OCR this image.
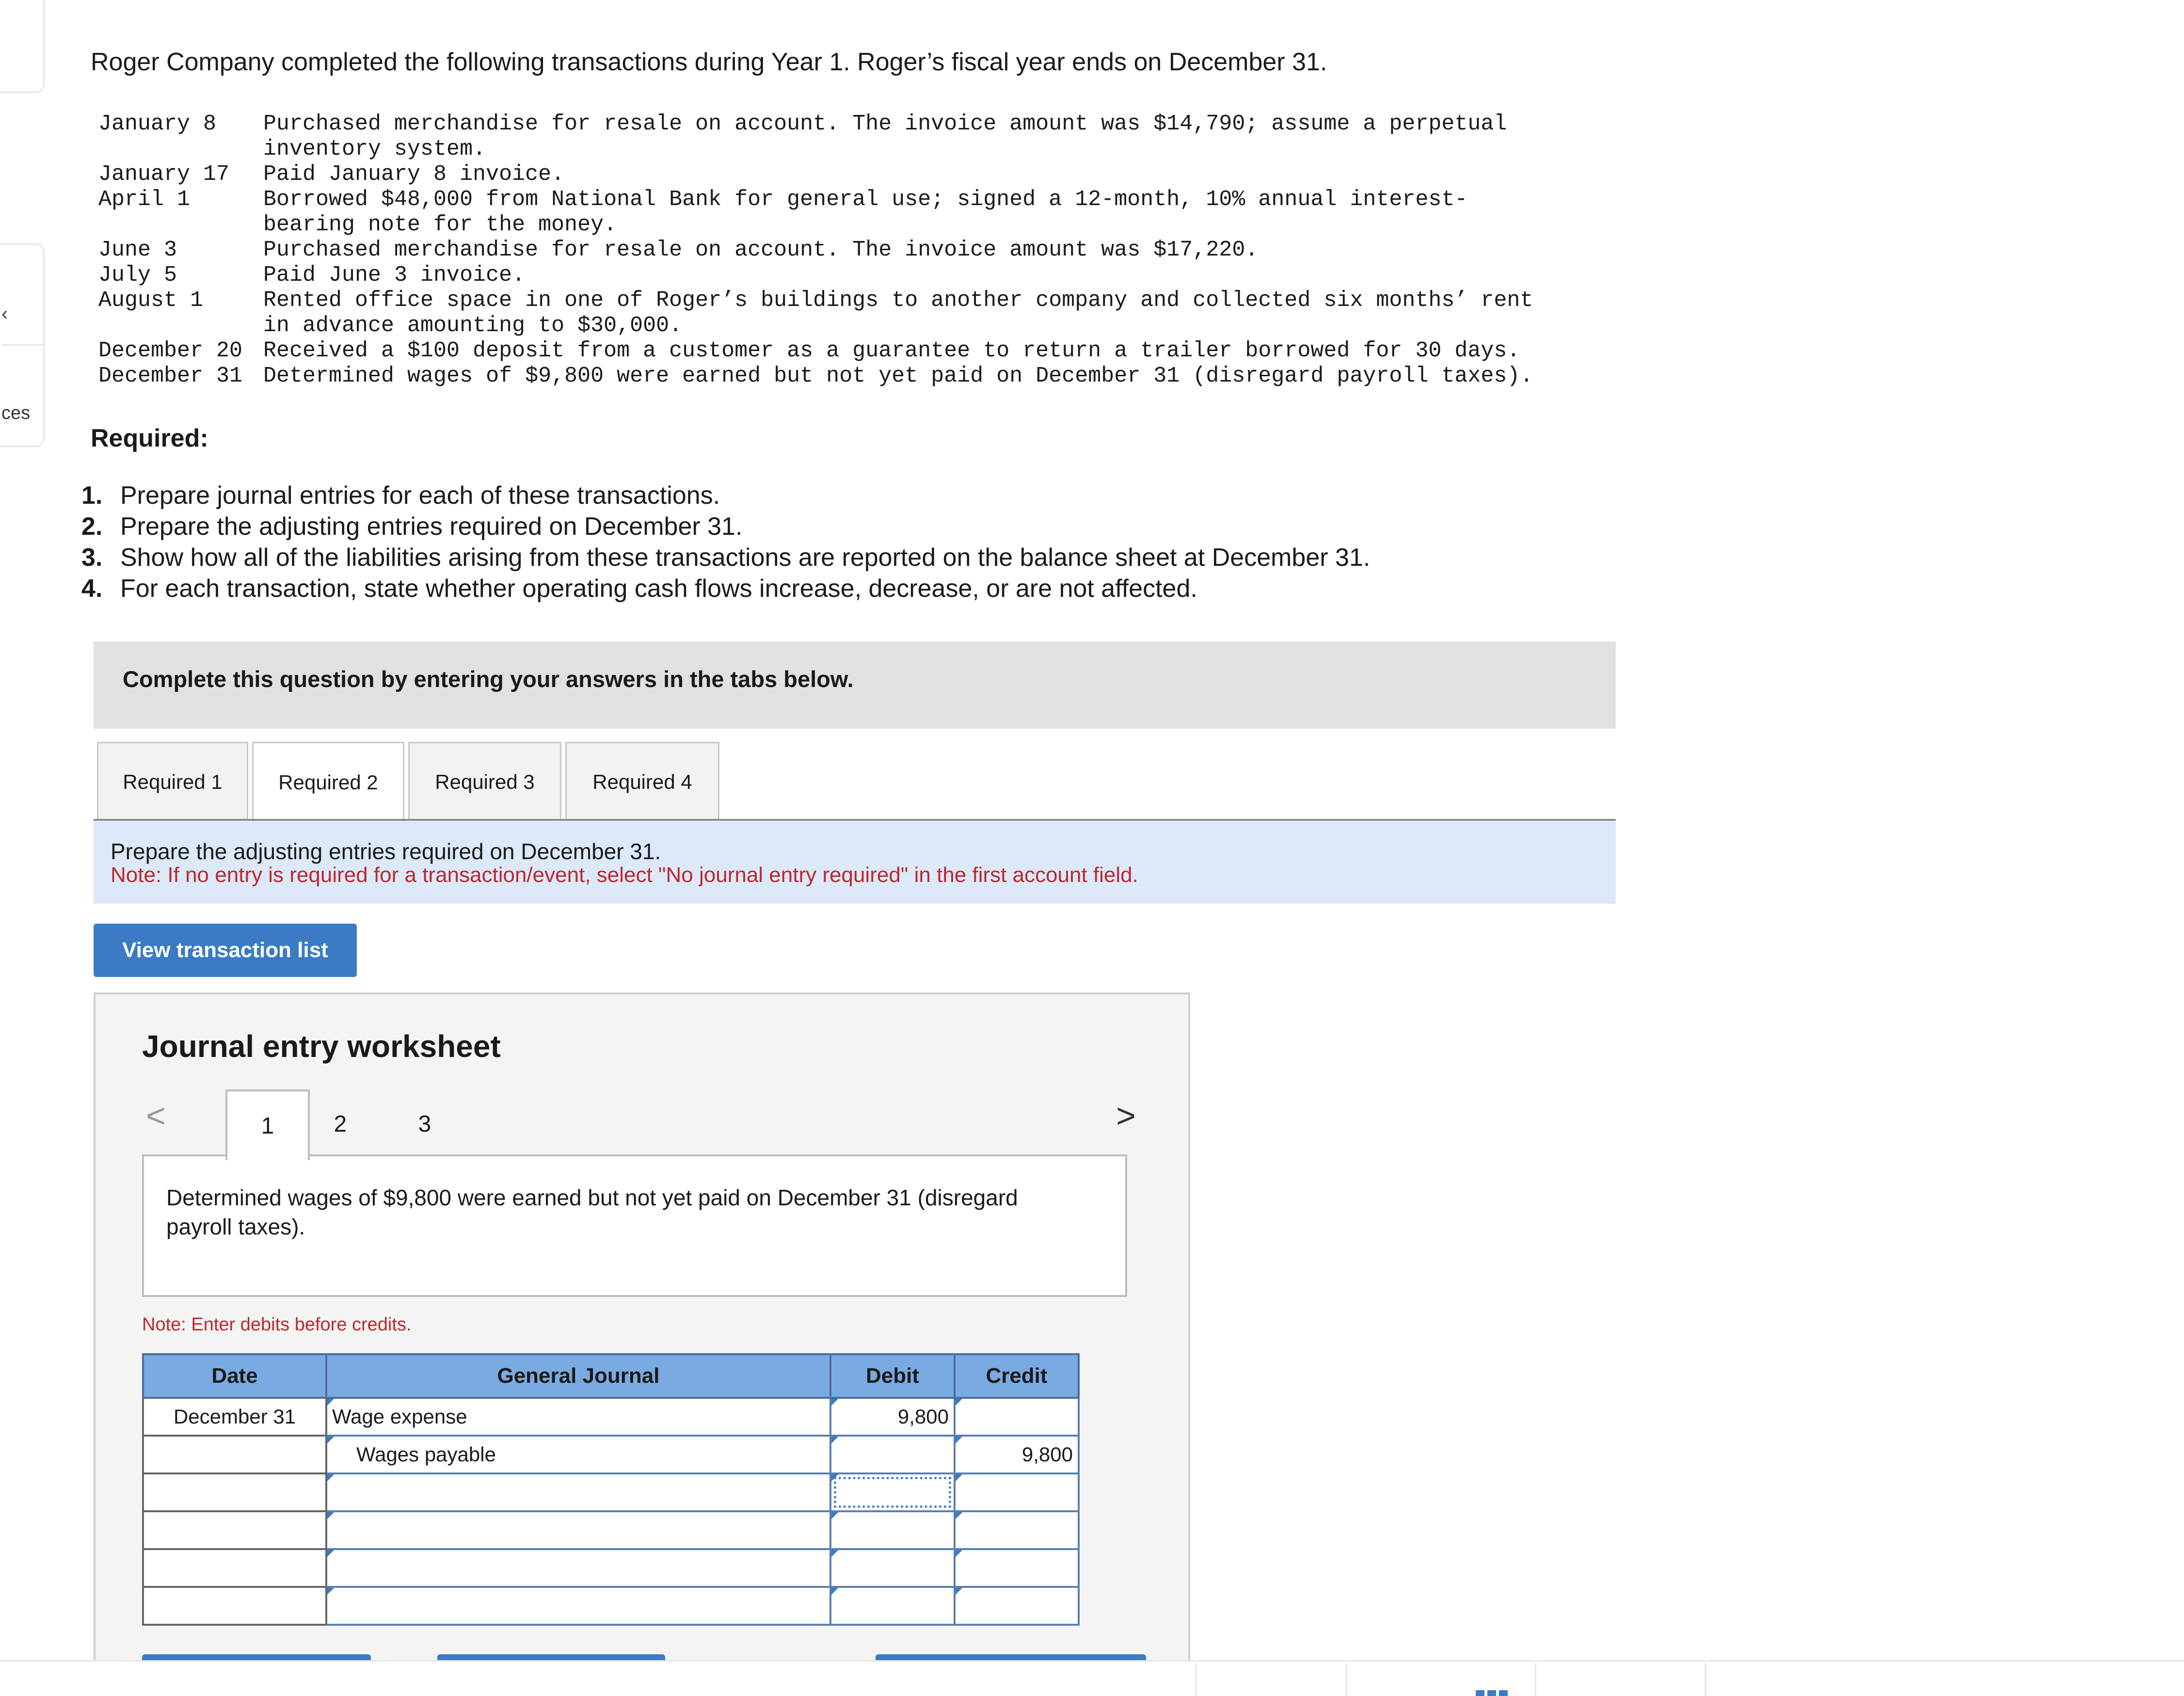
‹
ces
Roger Company completed the following transactions during Year 1. Roger’s fiscal year ends on December 31.
January 8	Purchased merchandise for resale on account. The invoice amount was $14,790; assume a perpetual inventory system.
January 17	Paid January 8 invoice.
April 1	Borrowed $48,000 from National Bank for general use; signed a 12-month, 10% annual interest-bearing note for the money.
June 3	Purchased merchandise for resale on account. The invoice amount was $17,220.
July 5	Paid June 3 invoice.
August 1	Rented office space in one of Roger’s buildings to another company and collected six months’ rent in advance amounting to $30,000.
December 20 Received a $100 deposit from a customer as a guarantee to return a trailer borrowed for 30 days.
December 31 Determined wages of $9,800 were earned but not yet paid on December 31 (disregard payroll taxes).
Required:
1. Prepare journal entries for each of these transactions.
2. Prepare the adjusting entries required on December 31.
3. Show how all of the liabilities arising from these transactions are reported on the balance sheet at December 31.
4. For each transaction, state whether operating cash flows increase, decrease, or are not affected.
Complete this question by entering your answers in the tabs below.
Required 1	Required 2	Required 3	Required 4
Prepare the adjusting entries required on December 31.
Note: If no entry is required for a transaction/event, select "No journal entry required" in the first account field.
View transaction list
Journal entry worksheet
<	1	2	3	>
Determined wages of $9,800 were earned but not yet paid on December 31 (disregard payroll taxes).
Note: Enter debits before credits.
Date	General Journal	Debit	Credit
December 31	Wage expense	9,800	

Wages payable		9,800
